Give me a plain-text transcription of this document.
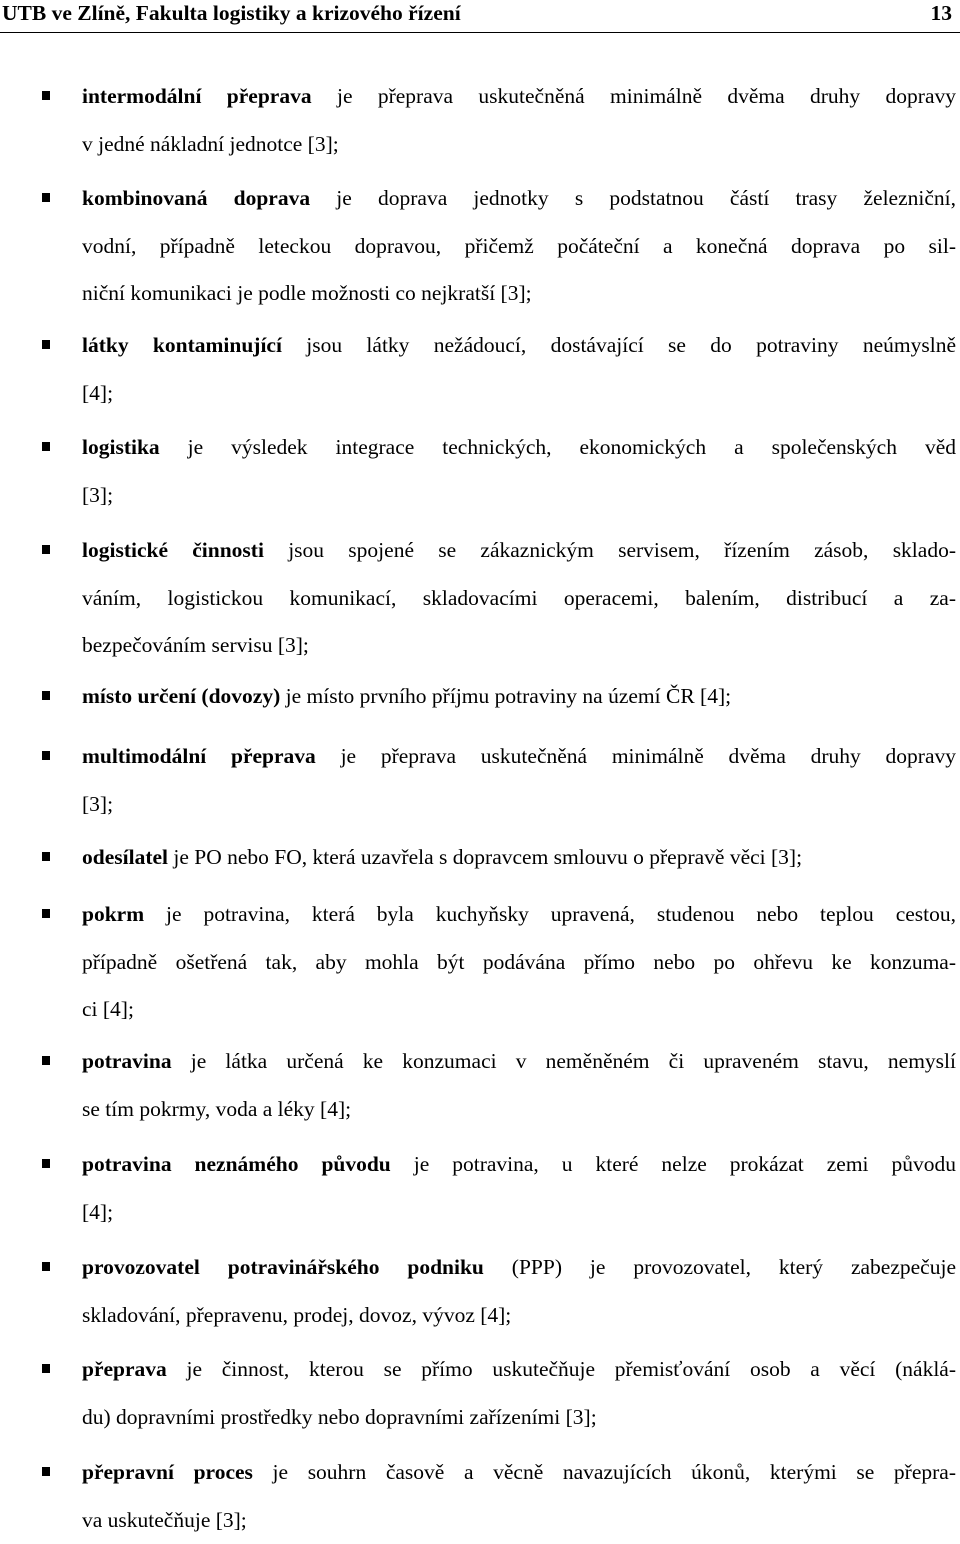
UTB ve Zlíně, Fakulta logistiky a krizového řízení	13
intermodální přeprava je přeprava uskutečněná minimálně dvěma druhy dopravy
v jedné nákladní jednotce [3];
kombinovaná doprava je doprava jednotky s podstatnou částí trasy železniční,
vodní, případně leteckou dopravou, přičemž počáteční a konečná doprava po sil-
niční komunikaci je podle možnosti co nejkratší [3];
látky kontaminující jsou látky nežádoucí, dostávající se do potraviny neúmyslně
[4];
logistika je výsledek integrace technických, ekonomických a společenských věd
[3];
logistické činnosti jsou spojené se zákaznickým servisem, řízením zásob, sklado-
váním, logistickou komunikací, skladovacími operacemi, balením, distribucí a za-
bezpečováním servisu [3];
místo určení (dovozy) je místo prvního příjmu potraviny na území ČR [4];
multimodální přeprava je přeprava uskutečněná minimálně dvěma druhy dopravy
[3];
odesílatel je PO nebo FO, která uzavřela s dopravcem smlouvu o přepravě věci [3];
pokrm je potravina, která byla kuchyňsky upravená, studenou nebo teplou cestou,
případně ošetřená tak, aby mohla být podávána přímo nebo po ohřevu ke konzuma-
ci [4];
potravina je látka určená ke konzumaci v neměněném či upraveném stavu, nemyslí
se tím pokrmy, voda a léky [4];
potravina neznámého původu je potravina, u které nelze prokázat zemi původu
[4];
provozovatel potravinářského podniku (PPP) je provozovatel, který zabezpečuje
skladování, přepravenu, prodej, dovoz, vývoz [4];
přeprava je činnost, kterou se přímo uskutečňuje přemisťování osob a věcí (náklá-
du) dopravními prostředky nebo dopravními zařízeními [3];
přepravní proces je souhrn časově a věcně navazujících úkonů, kterými se přepra-
va uskutečňuje [3];
